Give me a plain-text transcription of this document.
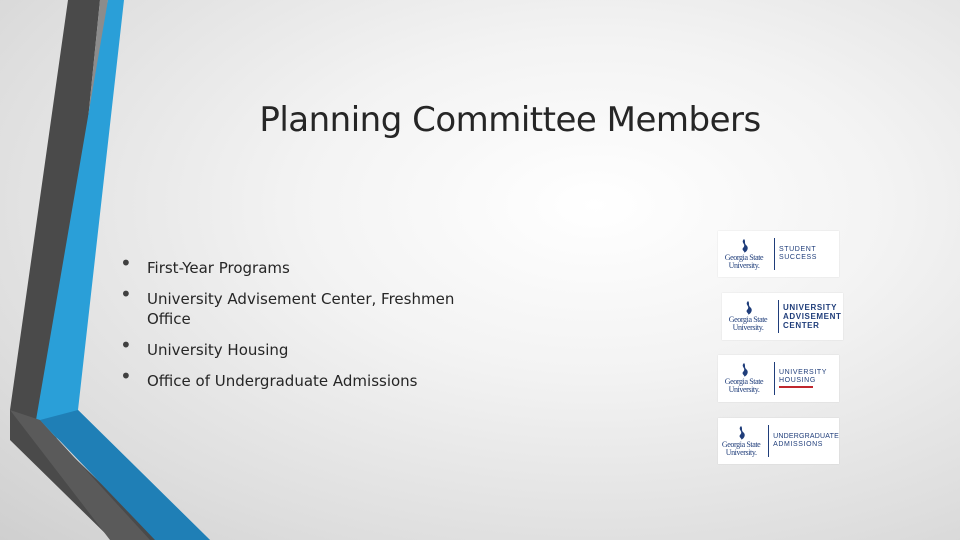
Planning Committee Members
• First-Year Programs
• University Advisement Center, Freshmen Office
• University Housing
• Office of Undergraduate Admissions
Georgia State
University.
STUDENT
SUCCESS
Georgia State
University.
UNIVERSITY
ADVISEMENT
CENTER
Georgia State
University.
UNIVERSITY
HOUSING
Georgia State
University.
UNDERGRADUATE
ADMISSIONS
